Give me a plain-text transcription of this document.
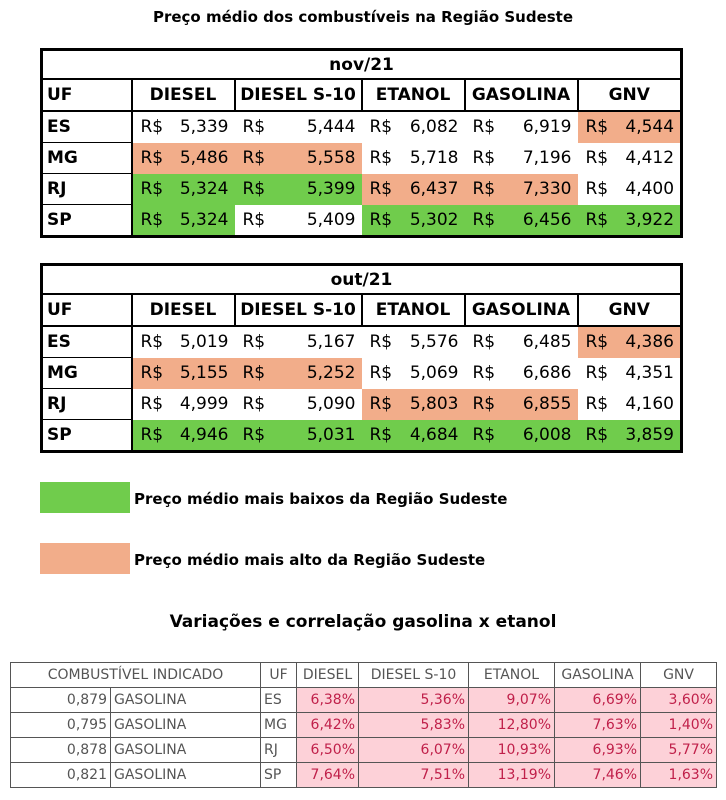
Preço médio dos combustíveis na Região Sudeste
nov/21					
UF	DIESEL	DIESEL S-10	ETANOL	GASOLINA	GNV
ES	R$ 5,339	R$ 5,444	R$ 6,082	R$ 6,919	R$ 4,544

MG	R$ 5,486	R$ 5,558	R$ 5,718	R$ 7,196	R$ 4,412

RJ	R$ 5,324	R$ 5,399	R$ 6,437	R$ 7,330	R$ 4,400

SP	R$ 5,324	R$ 5,409	R$ 5,302	R$ 6,456	R$ 3,922
out/21					
UF	DIESEL	DIESEL S-10	ETANOL	GASOLINA	GNV
ES	R$ 5,019	R$ 5,167	R$ 5,576	R$ 6,485	R$ 4,386

MG	R$ 5,155	R$ 5,252	R$ 5,069	R$ 6,686	R$ 4,351

RJ	R$ 4,999	R$ 5,090	R$ 5,803	R$ 6,855	R$ 4,160

SP	R$ 4,946	R$ 5,031	R$ 4,684	R$ 6,008	R$ 3,859
Preço médio mais baixos da Região Sudeste
Preço médio mais alto da Região Sudeste
Variações e correlação gasolina x etanol
COMBUSTÍVEL INDICADO		UF	DIESEL	DIESEL S-10	ETANOL	GASOLINA	GNV
0,879	GASOLINA	ES	6,38%	5,36%	9,07%	6,69%	3,60%
0,795	GASOLINA	MG	6,42%	5,83%	12,80%	7,63%	1,40%
0,878	GASOLINA	RJ	6,50%	6,07%	10,93%	6,93%	5,77%
0,821	GASOLINA	SP	7,64%	7,51%	13,19%	7,46%	1,63%
